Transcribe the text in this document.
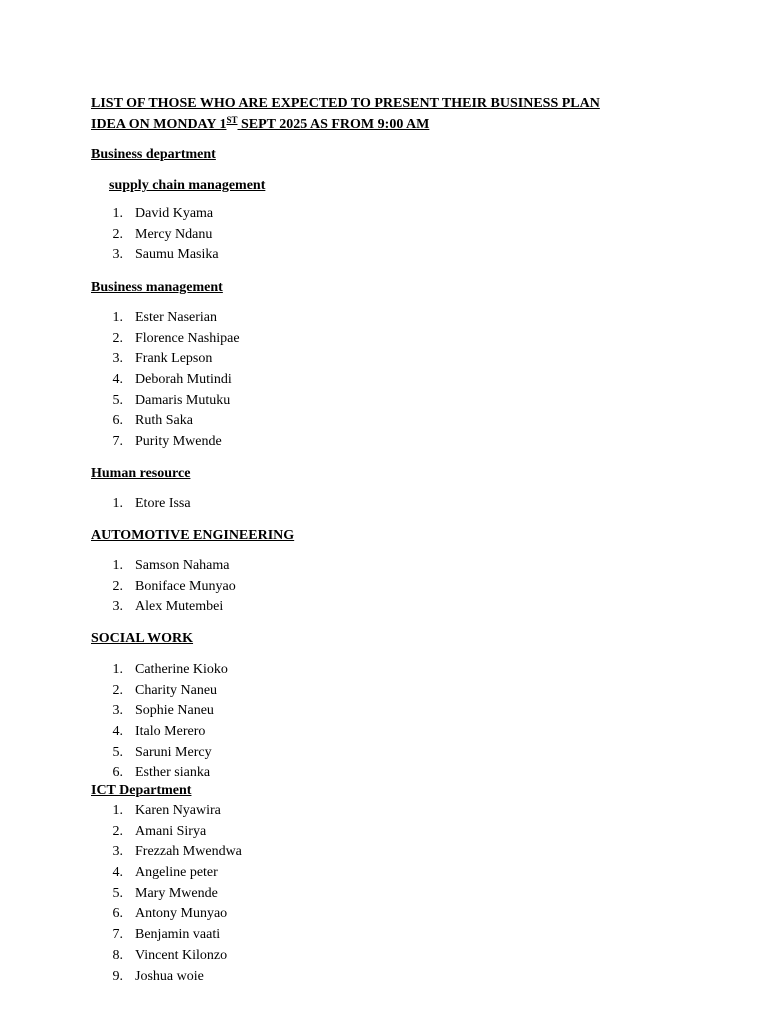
LIST OF THOSE WHO ARE EXPECTED TO PRESENT THEIR BUSINESS PLAN
IDEA ON MONDAY 1ST SEPT 2025 AS FROM 9:00 AM
Business department
supply chain management
1. David Kyama
2. Mercy Ndanu
3. Saumu Masika
Business management
1. Ester Naserian
2. Florence Nashipae
3. Frank Lepson
4. Deborah Mutindi
5. Damaris Mutuku
6. Ruth Saka
7. Purity Mwende
Human resource
1. Etore Issa
AUTOMOTIVE ENGINEERING
1. Samson Nahama
2. Boniface Munyao
3. Alex Mutembei
SOCIAL WORK
1. Catherine Kioko
2. Charity Naneu
3. Sophie Naneu
4. Italo Merero
5. Saruni Mercy
6. Esther sianka
ICT Department
1. Karen Nyawira
2. Amani Sirya
3. Frezzah Mwendwa
4. Angeline peter
5. Mary Mwende
6. Antony Munyao
7. Benjamin vaati
8. Vincent Kilonzo
9. Joshua woie
